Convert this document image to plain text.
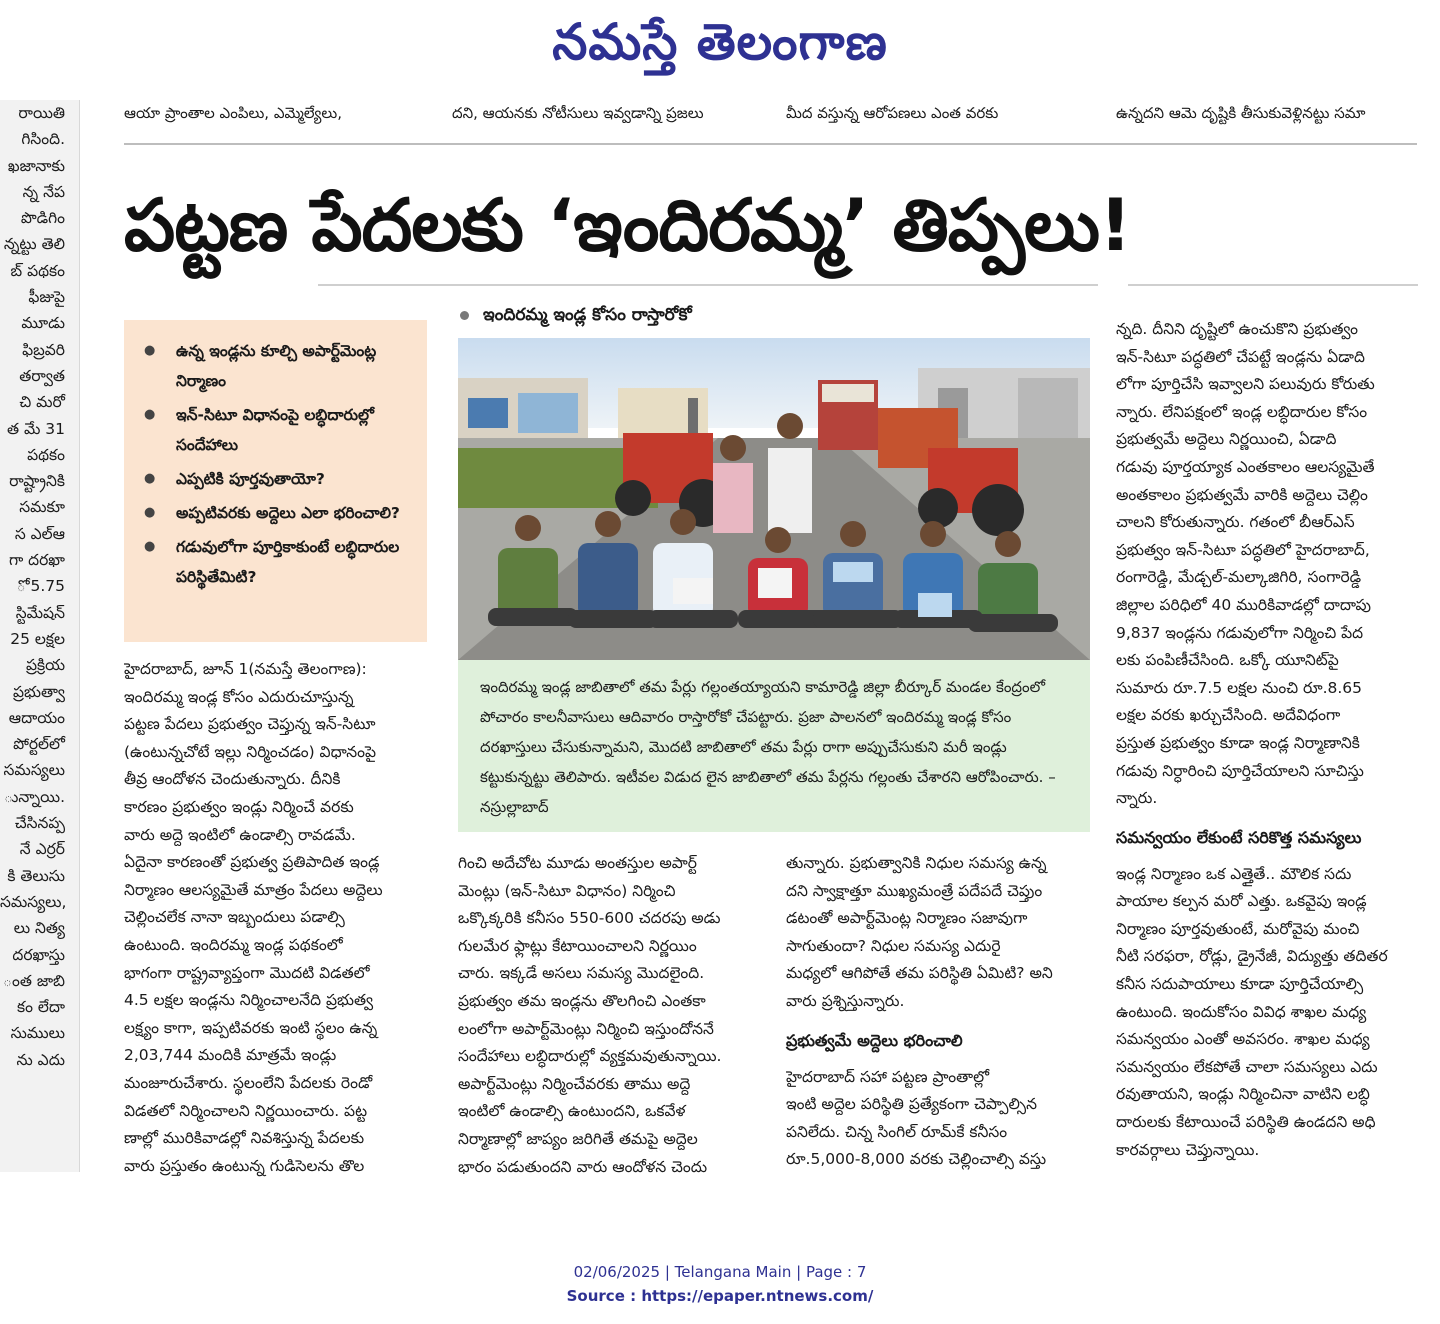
నమస్తే తెలంగాణ

రాయితి

గిసింది.

ఖజానాకు

న్న నేప

పొడిగిం

న్నట్టు తెలి

బ్ పథకం

ఫీజుపై

మూడు

ఫిబ్రవరి

తర్వాత

చి మరో

త మే 31

పథకం

రాష్ట్రానికి

సమకూ

స ఎల్ఆ

గా దరఖా

ో 5.75

స్టిమేషన్

25 లక్షల

ప్రక్రియ

ప్రభుత్వా

ఆదాయం

పోర్టల్‌లో

సమస్యలు

ున్నాయి.

చేసినప్ప

నే ఎర్రర్

కి తెలుసు

సమస్యలు,

లు నిత్య

దరఖాస్తు

ంత జాబి

కం లేదా

సుములు

ను ఎదు

ఆయా ప్రాంతాల ఎంపిలు, ఎమ్మెల్యేలు,	దని, ఆయనకు నోటీసులు ఇవ్వడాన్ని ప్రజలు	మీద వస్తున్న ఆరోపణలు ఎంత వరకు	ఉన్నదని ఆమె దృష్టికి తీసుకువెళ్లినట్టు సమా
పట్టణ పేదలకు ‘ఇందిరమ్మ’ తిప్పలు!
● ఉన్న ఇండ్లను కూల్చి అపార్ట్‌మెంట్ల నిర్మాణం
● ఇన్-సిటూ విధానంపై లబ్ధిదారుల్లో సందేహాలు
● ఎప్పటికి పూర్తవుతాయో?
● అప్పటివరకు అద్దెలు ఎలా భరించాలి?
● గడువులోగా పూర్తికాకుంటే లబ్ధిదారుల పరిస్థితేమిటి?
ఇందిరమ్మ ఇండ్ల కోసం రాస్తారోకో
ఇందిరమ్మ ఇండ్ల జాబితాలో తమ పేర్లు గల్లంతయ్యాయని కామారెడ్డి జిల్లా బీర్కూర్ మండల కేంద్రంలో పోచారం కాలనీవాసులు ఆదివారం రాస్తారోకో చేపట్టారు. ప్రజా పాలనలో ఇందిరమ్మ ఇండ్ల కోసం దరఖాస్తులు చేసుకున్నామని, మొదటి జాబితాలో తమ పేర్లు రాగా అప్పుచేసుకుని మరీ ఇండ్లు కట్టుకున్నట్టు తెలిపారు. ఇటీవల విడుద లైన జాబితాలో తమ పేర్లను గల్లంతు చేశారని ఆరోపించారు. – నస్రుల్లాబాద్

హైదరాబాద్, జూన్ 1(నమస్తే తెలంగాణ):

ఇందిరమ్మ ఇండ్ల కోసం ఎదురుచూస్తున్న

పట్టణ పేదలు ప్రభుత్వం చెప్తున్న ఇన్-సిటూ

(ఉంటున్నచోటే ఇల్లు నిర్మించడం) విధానంపై

తీవ్ర ఆందోళన చెందుతున్నారు. దీనికి

కారణం ప్రభుత్వం ఇండ్లు నిర్మించే వరకు

వారు అద్దె ఇంటిలో ఉండాల్సి రావడమే.

ఏదైనా కారణంతో ప్రభుత్వ ప్రతిపాదిత ఇండ్ల

నిర్మాణం ఆలస్యమైతే మాత్రం పేదలు అద్దెలు

చెల్లించలేక నానా ఇబ్బందులు పడాల్సి

ఉంటుంది. ఇందిరమ్మ ఇండ్ల పథకంలో

భాగంగా రాష్ట్రవ్యాప్తంగా మొదటి విడతలో

4.5 లక్షల ఇండ్లను నిర్మించాలనేది ప్రభుత్వ

లక్ష్యం కాగా, ఇప్పటివరకు ఇంటి స్థలం ఉన్న

2,03,744 మందికి మాత్రమే ఇండ్లు

మంజూరుచేశారు. స్థలంలేని పేదలకు రెండో

విడతలో నిర్మించాలని నిర్ణయించారు. పట్ట

ణాల్లో మురికివాడల్లో నివశిస్తున్న పేదలకు

వారు ప్రస్తుతం ఉంటున్న గుడిసెలను తొల

గించి అదేచోట మూడు అంతస్తుల అపార్ట్

మెంట్లు (ఇన్-సిటూ విధానం) నిర్మించి

ఒక్కొక్కరికి కనీసం 550-600 చదరపు అడు

గులమేర ఫ్లాట్లు కేటాయించాలని నిర్ణయిం

చారు. ఇక్కడే అసలు సమస్య మొదలైంది.

ప్రభుత్వం తమ ఇండ్లను తొలగించి ఎంతకా

లంలోగా అపార్ట్‌మెంట్లు నిర్మించి ఇస్తుందోననే

సందేహాలు లబ్ధిదారుల్లో వ్యక్తమవుతున్నాయి.

అపార్ట్‌మెంట్లు నిర్మించేవరకు తాము అద్దె

ఇంటిలో ఉండాల్సి ఉంటుందని, ఒకవేళ

నిర్మాణాల్లో జాప్యం జరిగితే తమపై అద్దెల

భారం పడుతుందని వారు ఆందోళన చెందు

తున్నారు. ప్రభుత్వానికి నిధుల సమస్య ఉన్న

దని స్వాక్షాత్తూ ముఖ్యమంత్రే పదేపదే చెప్తుం

డటంతో అపార్ట్‌మెంట్ల నిర్మాణం సజావుగా

సాగుతుందా? నిధుల సమస్య ఎదురై

మధ్యలో ఆగిపోతే తమ పరిస్థితి ఏమిటి? అని

వారు ప్రశ్నిస్తున్నారు.

ప్రభుత్వమే అద్దెలు భరించాలి

హైదరాబాద్ సహా పట్టణ ప్రాంతాల్లో

ఇంటి అద్దెల పరిస్థితి ప్రత్యేకంగా చెప్పాల్సిన

పనిలేదు. చిన్న సింగిల్ రూమ్‌కే కనీసం

రూ.5,000-8,000 వరకు చెల్లించాల్సి వస్తు

న్నది. దీనిని దృష్టిలో ఉంచుకొని ప్రభుత్వం

ఇన్-సిటూ పద్ధతిలో చేపట్టే ఇండ్లను ఏడాది

లోగా పూర్తిచేసి ఇవ్వాలని పలువురు కోరుతు

న్నారు. లేనిపక్షంలో ఇండ్ల లబ్ధిదారుల కోసం

ప్రభుత్వమే అద్దెలు నిర్ణయించి, ఏడాది

గడువు పూర్తయ్యాక ఎంతకాలం ఆలస్యమైతే

అంతకాలం ప్రభుత్వమే వారికి అద్దెలు చెల్లిం

చాలని కోరుతున్నారు. గతంలో బీఆర్ఎస్

ప్రభుత్వం ఇన్-సిటూ పద్ధతిలో హైదరాబాద్,

రంగారెడ్డి, మేడ్చల్-మల్కాజిగిరి, సంగారెడ్డి

జిల్లాల పరిధిలో 40 మురికివాడల్లో దాదాపు

9,837 ఇండ్లను గడువులోగా నిర్మించి పేద

లకు పంపిణీచేసింది. ఒక్కో యూనిట్‌పై

సుమారు రూ.7.5 లక్షల నుంచి రూ.8.65

లక్షల వరకు ఖర్చుచేసింది. అదేవిధంగా

ప్రస్తుత ప్రభుత్వం కూడా ఇండ్ల నిర్మాణానికి

గడువు నిర్ధారించి పూర్తిచేయాలని సూచిస్తు

న్నారు.

సమన్వయం లేకుంటే సరికొత్త సమస్యలు

ఇండ్ల నిర్మాణం ఒక ఎత్తైతే.. మౌలిక సదు

పాయాల కల్పన మరో ఎత్తు. ఒకవైపు ఇండ్ల

నిర్మాణం పూర్తవుతుంటే, మరోవైపు మంచి

నీటి సరఫరా, రోడ్లు, డ్రైనేజీ, విద్యుత్తు తదితర

కనీస సదుపాయాలు కూడా పూర్తిచేయాల్సి

ఉంటుంది. ఇందుకోసం వివిధ శాఖల మధ్య

సమన్వయం ఎంతో అవసరం. శాఖల మధ్య

సమన్వయం లేకపోతే చాలా సమస్యలు ఎదు

రవుతాయని, ఇండ్లు నిర్మించినా వాటిని లబ్ధి

దారులకు కేటాయించే పరిస్థితి ఉండదని అధి

కారవర్గాలు చెప్తున్నాయి.

02/06/2025 | Telangana Main | Page : 7
Source : https://epaper.ntnews.com/
